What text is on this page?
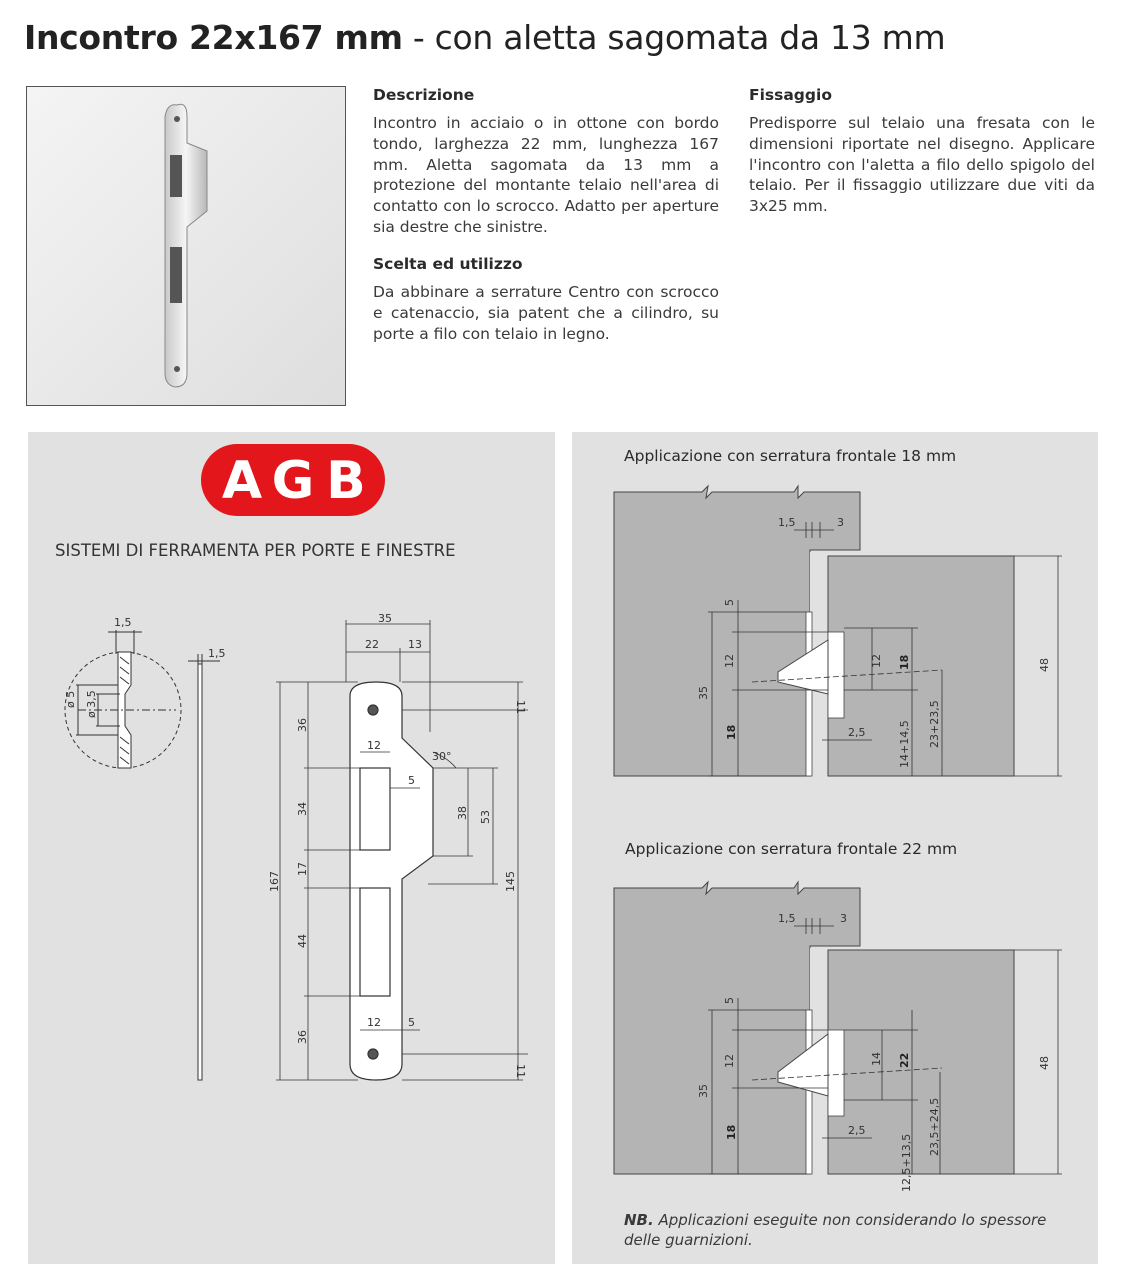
Incontro 22x167 mm - con aletta sagomata da 13 mm
Descrizione
Incontro in acciaio o in ottone con bordo tondo, larghezza 22 mm, lunghezza 167 mm. Aletta sagomata da 13 mm a protezione del montante telaio nell'area di contatto con lo scrocco. Adatto per aperture sia destre che sinistre.
Scelta ed utilizzo
Da abbinare a serrature Centro con scrocco e catenaccio, sia patent che a cilindro, su porte a filo con telaio in legno.
Fissaggio
Predisporre sul telaio una fresata con le dimensioni riportate nel disegno. Applicare l'incontro con l'aletta a filo dello spigolo del telaio. Per il fissaggio utilizzare due viti da 3x25 mm.
A G B
SISTEMI DI FERRAMENTA PER PORTE E FINESTRE
1,5
ø 5 ø 3,5
1,5
35
22	13
12
5
12 5
30°
36
34
17
44
36
167
11
11
38 53
145
Applicazione con serratura frontale 18 mm
Applicazione con serratura frontale 22 mm
1,5	3
5
12
35
18
12 18
2,5	14+14,5 23+23,5
48
1,5	3
5
12
35
18
14 22
2,5
12,5+13,5
23,5+24,5
48
NB. Applicazioni eseguite non considerando lo spessore delle guarnizioni.
